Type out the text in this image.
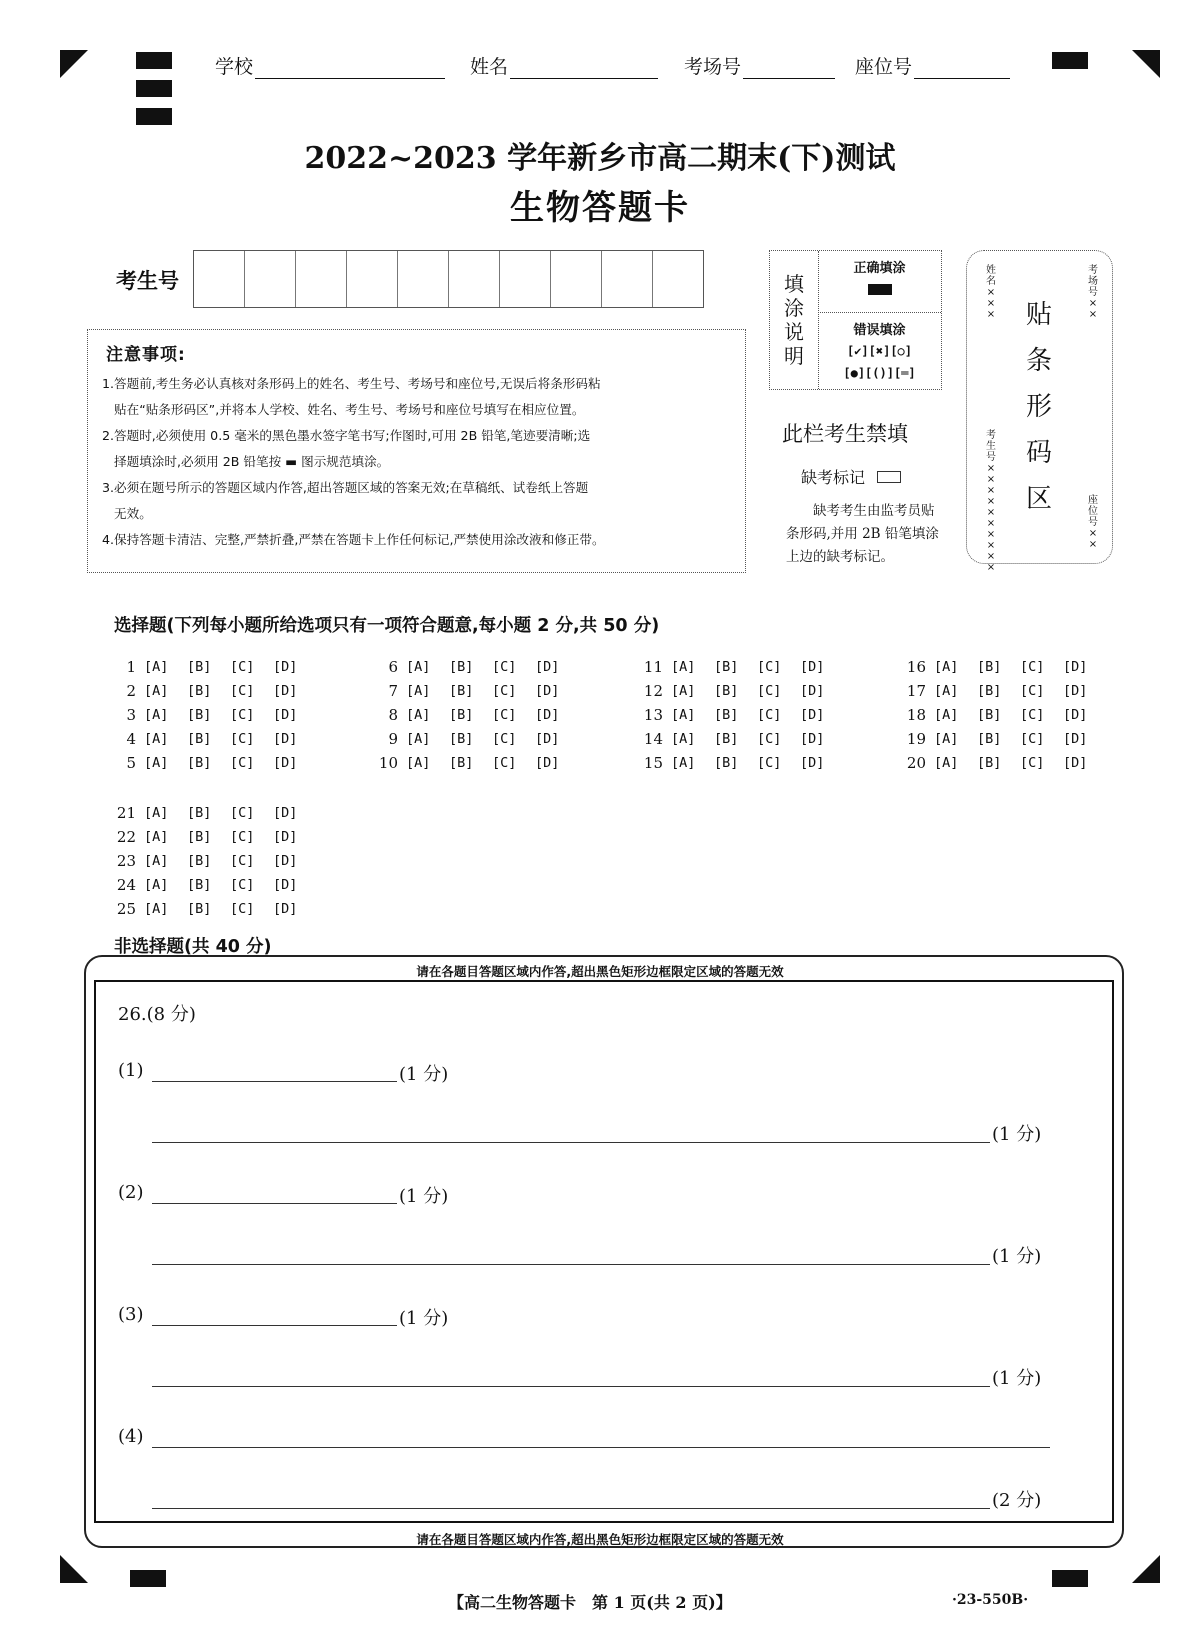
学校	姓名	考场号	座位号
2022~2023 学年新乡市高二期末(下)测试
生物答题卡
考生号
注意事项:

1.答题前,考生务必认真核对条形码上的姓名、考生号、考场号和座位号,无误后将条形码粘

贴在“贴条形码区”,并将本人学校、姓名、考生号、考场号和座位号填写在相应位置。

2.答题时,必须使用 0.5 毫米的黑色墨水签字笔书写;作图时,可用 2B 铅笔,笔迹要清晰;选

择题填涂时,必须用 2B 铅笔按 ▬ 图示规范填涂。

3.必须在题号所示的答题区域内作答,超出答题区域的答案无效;在草稿纸、试卷纸上答题

无效。

4.保持答题卡清洁、完整,严禁折叠,严禁在答题卡上作任何标记,严禁使用涂改液和修正带。

填
涂
说
明
正确填涂
错误填涂
[✔][✖][○]
[●][()][═]
此栏考生禁填
缺考标记
缺考考生由监考员贴条形码,并用 2B 铅笔填涂上边的缺考标记。
贴
条
形
码
区
姓名×××
考场号××
考生号××××××××××
座位号××
选择题(下列每小题所给选项只有一项符合题意,每小题 2 分,共 50 分)
1 [A]	[B]	[C]	[D]
2 [A]	[B]	[C]	[D]
3 [A]	[B]	[C]	[D]
4 [A]	[B]	[C]	[D]
5 [A]	[B]	[C]	[D]
6 [A]	[B]	[C]	[D]
7 [A]	[B]	[C]	[D]
8 [A]	[B]	[C]	[D]
9 [A]	[B]	[C]	[D]
10 [A]	[B]	[C]	[D]
11 [A]	[B]	[C]	[D]
12 [A]	[B]	[C]	[D]
13 [A]	[B]	[C]	[D]
14 [A]	[B]	[C]	[D]
15 [A]	[B]	[C]	[D]
16 [A]	[B]	[C]	[D]
17 [A]	[B]	[C]	[D]
18 [A]	[B]	[C]	[D]
19 [A]	[B]	[C]	[D]
20 [A]	[B]	[C]	[D]
21 [A]	[B]	[C]	[D]
22 [A]	[B]	[C]	[D]
23 [A]	[B]	[C]	[D]
24 [A]	[B]	[C]	[D]
25 [A]	[B]	[C]	[D]
非选择题(共 40 分)
请在各题目答题区域内作答,超出黑色矩形边框限定区域的答题无效
请在各题目答题区域内作答,超出黑色矩形边框限定区域的答题无效
26.(8 分)
(1)	(1 分)
(1 分)
(2)	(1 分)
(1 分)
(3)	(1 分)
(1 分)
(4)
(2 分)
【高二生物答题卡　第 1 页(共 2 页)】	·23-550B·
